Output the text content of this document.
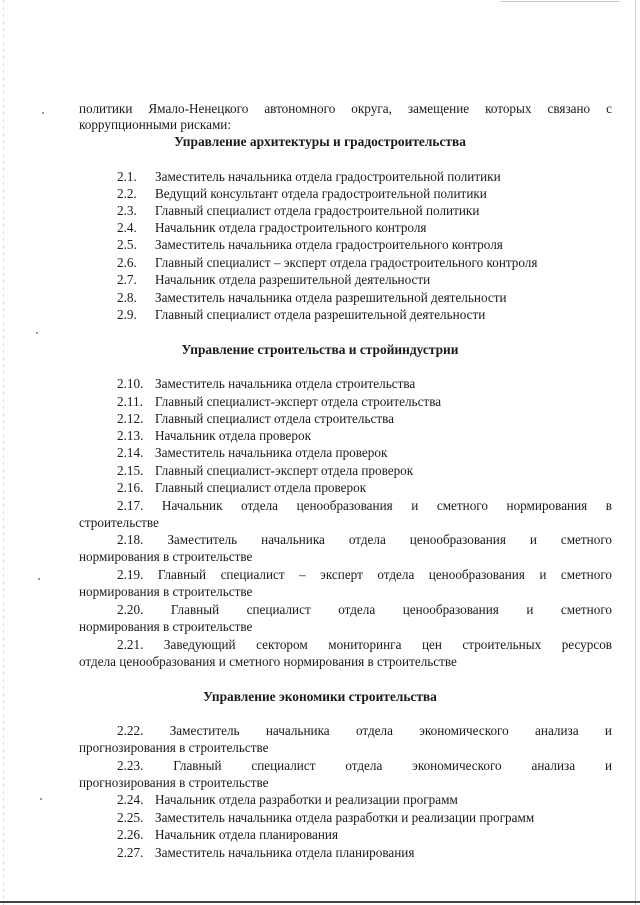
политики Ямало-Ненецкого автономного округа, замещение которых связано с
коррупционными рисками:
Управление архитектуры и градостроительства
2.1. Заместитель начальника отдела градостроительной политики
2.2. Ведущий консультант отдела градостроительной политики
2.3. Главный специалист отдела градостроительной политики
2.4. Начальник отдела градостроительного контроля
2.5. Заместитель начальника отдела градостроительного контроля
2.6. Главный специалист – эксперт отдела градостроительного контроля
2.7. Начальник отдела разрешительной деятельности
2.8. Заместитель начальника отдела разрешительной деятельности
2.9. Главный специалист отдела разрешительной деятельности
Управление строительства и стройиндустрии
2.10. Заместитель начальника отдела строительства
2.11. Главный специалист-эксперт отдела строительства
2.12. Главный специалист отдела строительства
2.13. Начальник отдела проверок
2.14. Заместитель начальника отдела проверок
2.15. Главный специалист-эксперт отдела проверок
2.16. Главный специалист отдела проверок
2.17. Начальник отдела ценообразования и сметного нормирования в
строительстве
2.18. Заместитель начальника отдела ценообразования и сметного
нормирования в строительстве
2.19. Главный специалист – эксперт отдела ценообразования и сметного
нормирования в строительстве
2.20. Главный специалист отдела ценообразования и сметного
нормирования в строительстве
2.21. Заведующий сектором мониторинга цен строительных ресурсов
отдела ценообразования и сметного нормирования в строительстве
Управление экономики строительства
2.22. Заместитель начальника отдела экономического анализа и
прогнозирования в строительстве
2.23. Главный специалист отдела экономического анализа и
прогнозирования в строительстве
2.24. Начальник отдела разработки и реализации программ
2.25. Заместитель начальника отдела разработки и реализации программ
2.26. Начальник отдела планирования
2.27. Заместитель начальника отдела планирования
